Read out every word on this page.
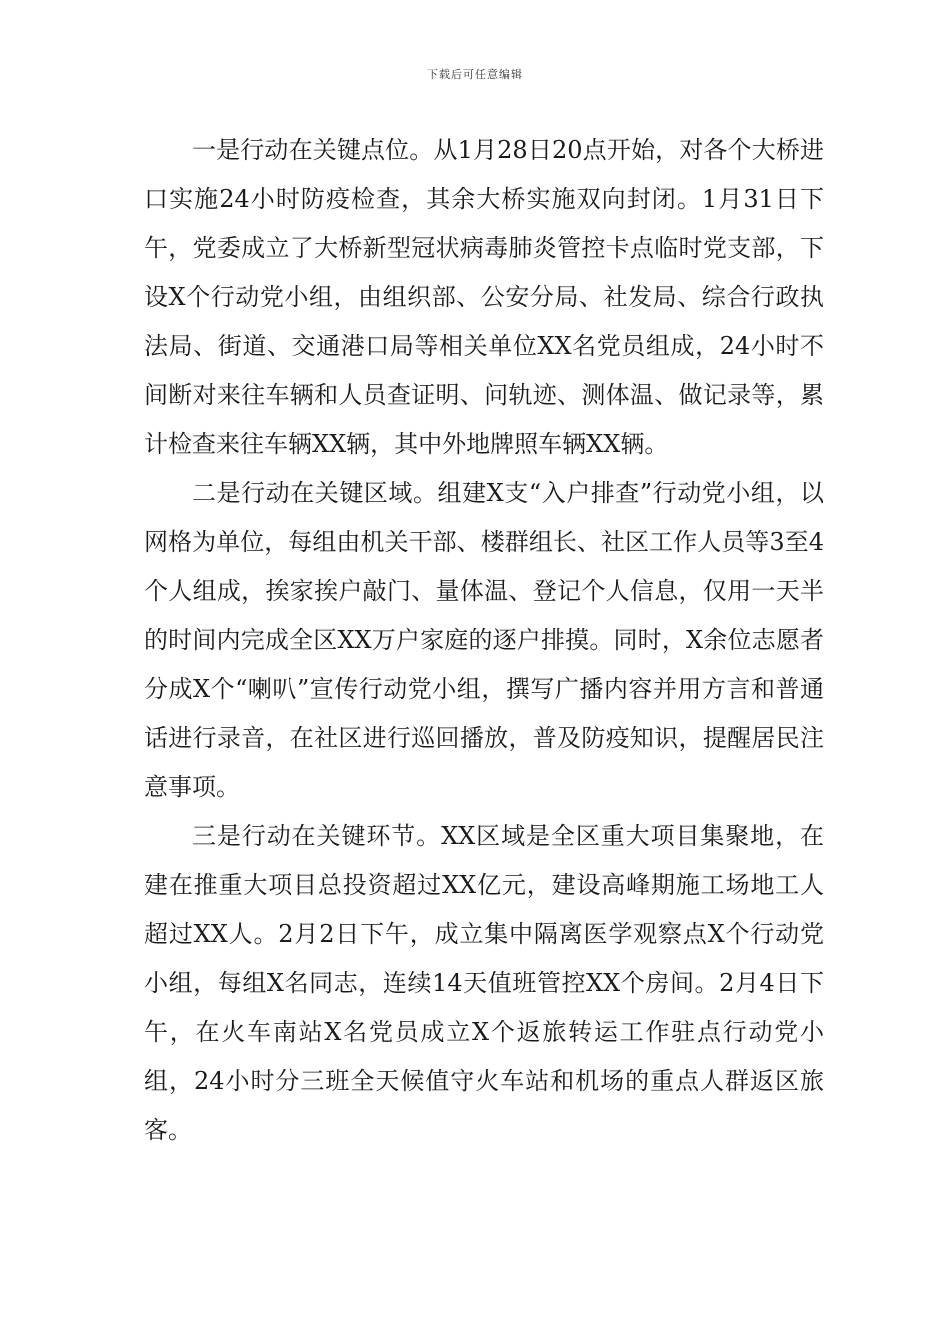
下载后可任意编辑

一是行动在关键点位。从1月28日20点开始，对各个大桥进口实施24小时防疫检查，其余大桥实施双向封闭。1月31日下午，党委成立了大桥新型冠状病毒肺炎管控卡点临时党支部，下设X个行动党小组，由组织部、公安分局、社发局、综合行政执法局、街道、交通港口局等相关单位XX名党员组成，24小时不间断对来往车辆和人员查证明、问轨迹、测体温、做记录等，累计检查来往车辆XX辆，其中外地牌照车辆XX辆。

二是行动在关键区域。组建X支“入户排查”行动党小组，以网格为单位，每组由机关干部、楼群组长、社区工作人员等3至4个人组成，挨家挨户敲门、量体温、登记个人信息，仅用一天半的时间内完成全区XX万户家庭的逐户排摸。同时，X余位志愿者分成X个“喇叭”宣传行动党小组，撰写广播内容并用方言和普通话进行录音，在社区进行巡回播放，普及防疫知识，提醒居民注意事项。

三是行动在关键环节。XX区域是全区重大项目集聚地，在建在推重大项目总投资超过XX亿元，建设高峰期施工场地工人超过XX人。2月2日下午，成立集中隔离医学观察点X个行动党小组，每组X名同志，连续14天值班管控XX个房间。2月4日下午，在火车南站X名党员成立X个返旅转运工作驻点行动党小组，24小时分三班全天候值守火车站和机场的重点人群返区旅客。
